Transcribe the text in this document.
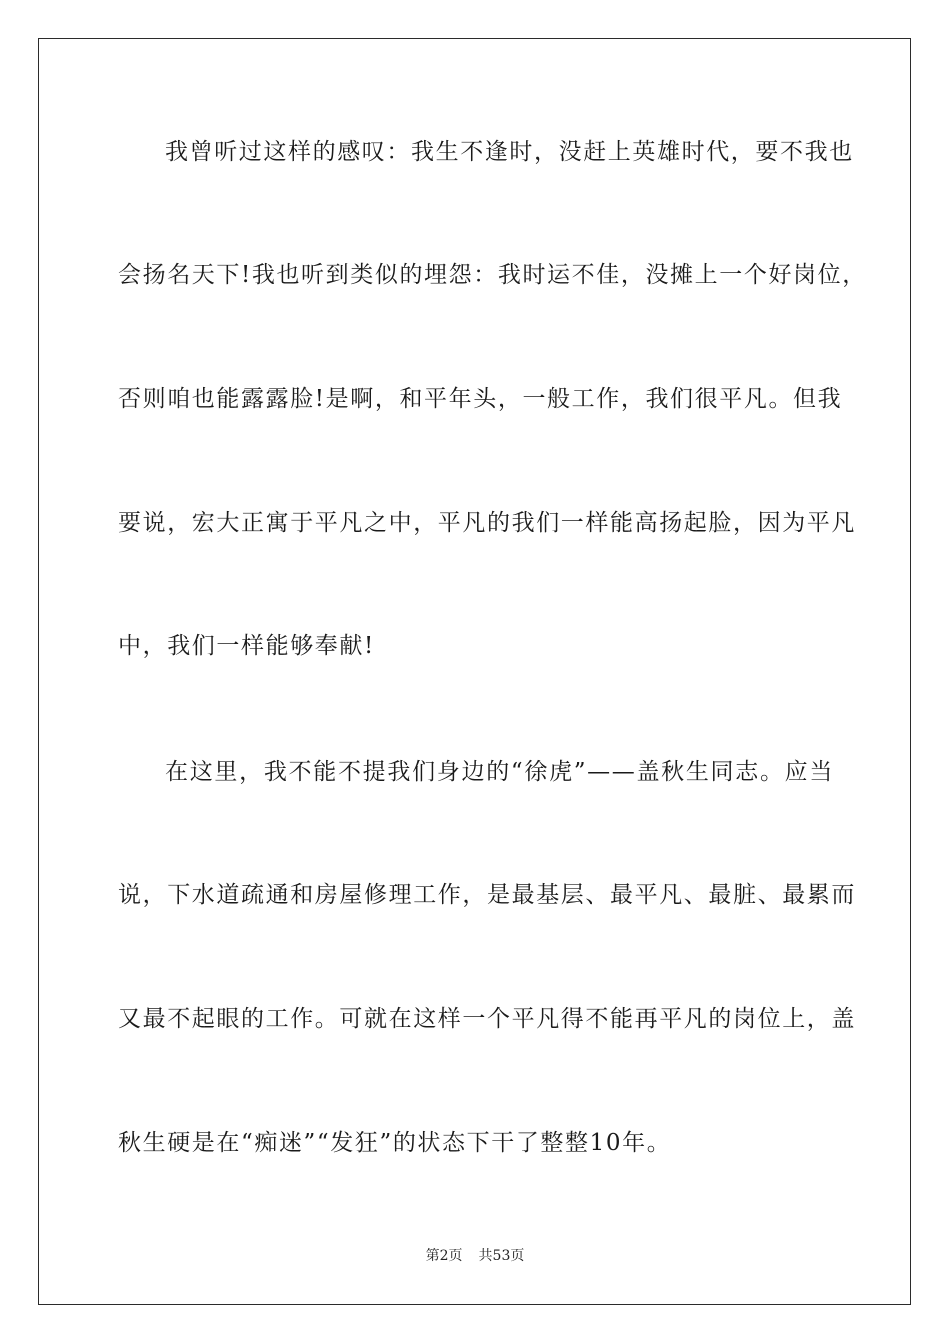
我曾听过这样的感叹：我生不逢时，没赶上英雄时代，要不我也
会扬名天下!我也听到类似的埋怨：我时运不佳，没摊上一个好岗位，
否则咱也能露露脸!是啊，和平年头，一般工作，我们很平凡。但我
要说，宏大正寓于平凡之中，平凡的我们一样能高扬起脸，因为平凡
中，我们一样能够奉献!
在这里，我不能不提我们身边的“徐虎”——盖秋生同志。应当
说，下水道疏通和房屋修理工作，是最基层、最平凡、最脏、最累而
又最不起眼的工作。可就在这样一个平凡得不能再平凡的岗位上，盖
秋生硬是在“痴迷”“发狂”的状态下干了整整10年。
第2页 共53页
